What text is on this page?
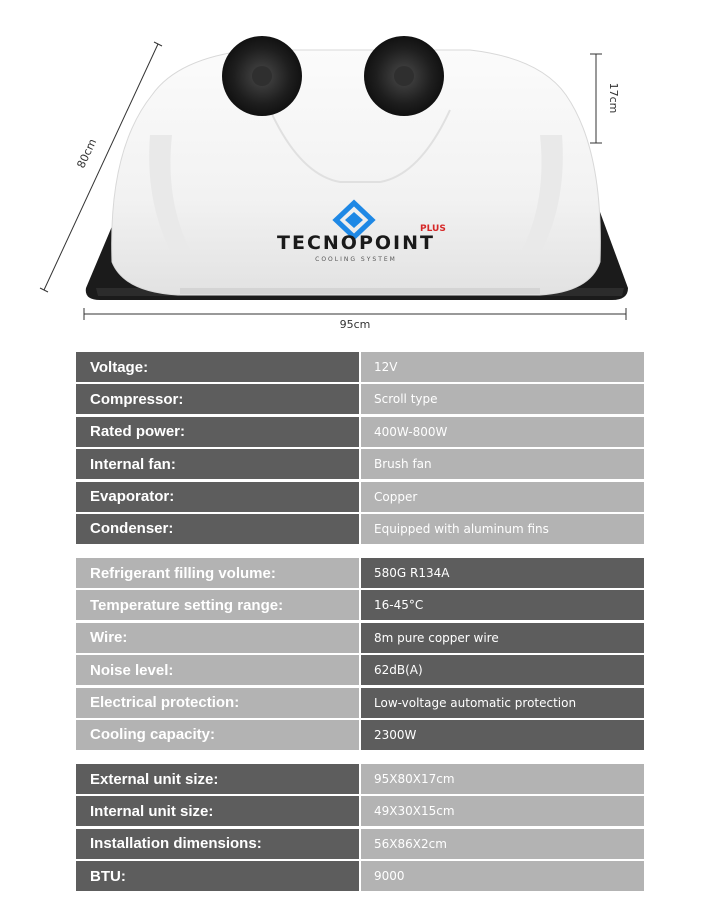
TECNOPOINT
PLUS
COOLING SYSTEM
80cm
17cm
95cm
Voltage:	12V
Compressor:	Scroll type
Rated power:	400W-800W
Internal fan:	Brush fan
Evaporator:	Copper
Condenser:	Equipped with aluminum fins
Refrigerant filling volume:	580G R134A
Temperature setting range:	16-45°C
Wire:	8m pure copper wire
Noise level:	62dB(A)
Electrical protection:	Low-voltage automatic protection
Cooling capacity:	2300W
External unit size:	95X80X17cm
Internal unit size:	49X30X15cm
Installation dimensions:	56X86X2cm
BTU:	9000
